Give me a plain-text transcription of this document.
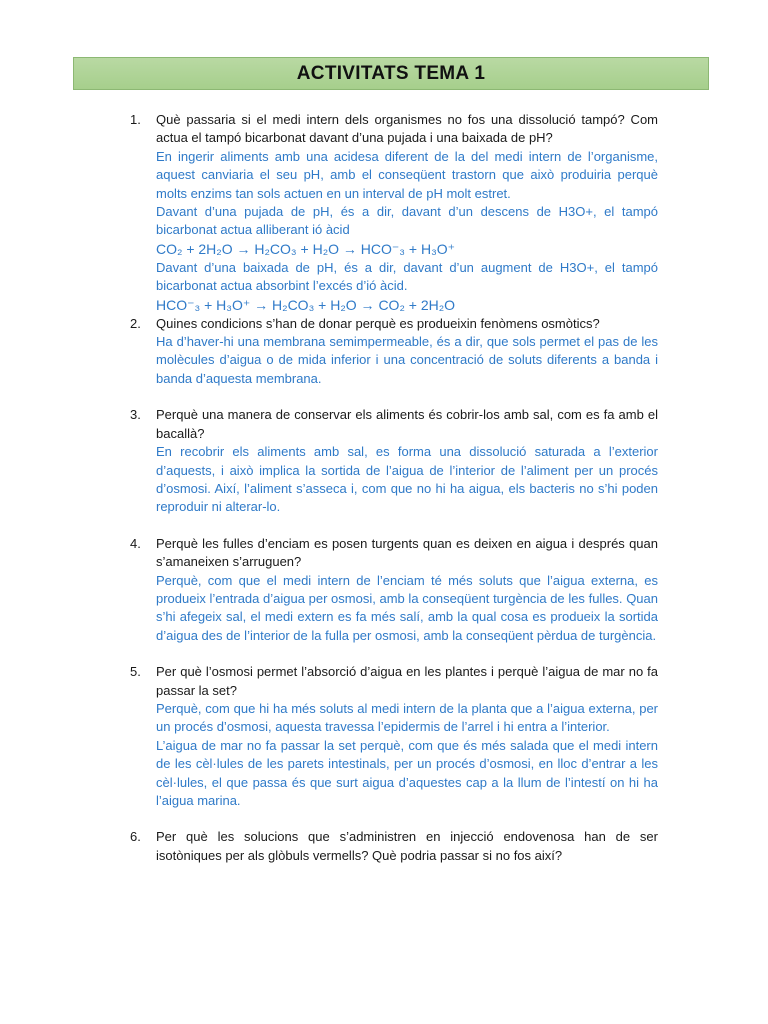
ACTIVITATS TEMA 1
1.	Què passaria si el medi intern dels organismes no fos una dissolució tampó? Com actua el tampó bicarbonat davant d’una pujada i una baixada de pH?

En ingerir aliments amb una acidesa diferent de la del medi intern de l’organisme, aquest canviaria el seu pH, amb el conseqüent trastorn que això produiria perquè molts enzims tan sols actuen en un interval de pH molt estret.

Davant d’una pujada de pH, és a dir, davant d’un descens de H3O+, el tampó bicarbonat actua alliberant ió àcid

CO₂ + 2H₂O → H₂CO₃ + H₂O → HCO⁻₃ + H₃O⁺

Davant d’una baixada de pH, és a dir, davant d’un augment de H3O+, el tampó bicarbonat actua absorbint l’excés d’ió àcid.

HCO⁻₃ + H₃O⁺ → H₂CO₃ + H₂O → CO₂ + 2H₂O

2.	Quines condicions s’han de donar perquè es produeixin fenòmens osmòtics?

Ha d’haver-hi una membrana semimpermeable, és a dir, que sols permet el pas de les molècules d’aigua o de mida inferior i una concentració de soluts diferents a banda i banda d’aquesta membrana.

3.	Perquè una manera de conservar els aliments és cobrir-los amb sal, com es fa amb el bacallà?

En recobrir els aliments amb sal, es forma una dissolució saturada a l’exterior d’aquests, i això implica la sortida de l’aigua de l’interior de l’aliment per un procés d’osmosi. Així, l’aliment s’asseca i, com que no hi ha aigua, els bacteris no s’hi poden reproduir ni alterar-lo.

4.	Perquè les fulles d’enciam es posen turgents quan es deixen en aigua i després quan s’amaneixen s’arruguen?

Perquè, com que el medi intern de l’enciam té més soluts que l’aigua externa, es produeix l’entrada d’aigua per osmosi, amb la conseqüent turgència de les fulles. Quan s’hi afegeix sal, el medi extern es fa més salí, amb la qual cosa es produeix la sortida d’aigua des de l’interior de la fulla per osmosi, amb la conseqüent pèrdua de turgència.

5.	Per què l’osmosi permet l’absorció d’aigua en les plantes i perquè l’aigua de mar no fa passar la set?

Perquè, com que hi ha més soluts al medi intern de la planta que a l’aigua externa, per un procés d’osmosi, aquesta travessa l’epidermis de l’arrel i hi entra a l’interior.

L’aigua de mar no fa passar la set perquè, com que és més salada que el medi intern de les cèl·lules de les parets intestinals, per un procés d’osmosi, en lloc d’entrar a les cèl·lules, el que passa és que surt aigua d’aquestes cap a la llum de l’intestí on hi ha l’aigua marina.

6.	Per què les solucions que s’administren en injecció endovenosa han de ser isotòniques per als glòbuls vermells? Què podria passar si no fos així?
